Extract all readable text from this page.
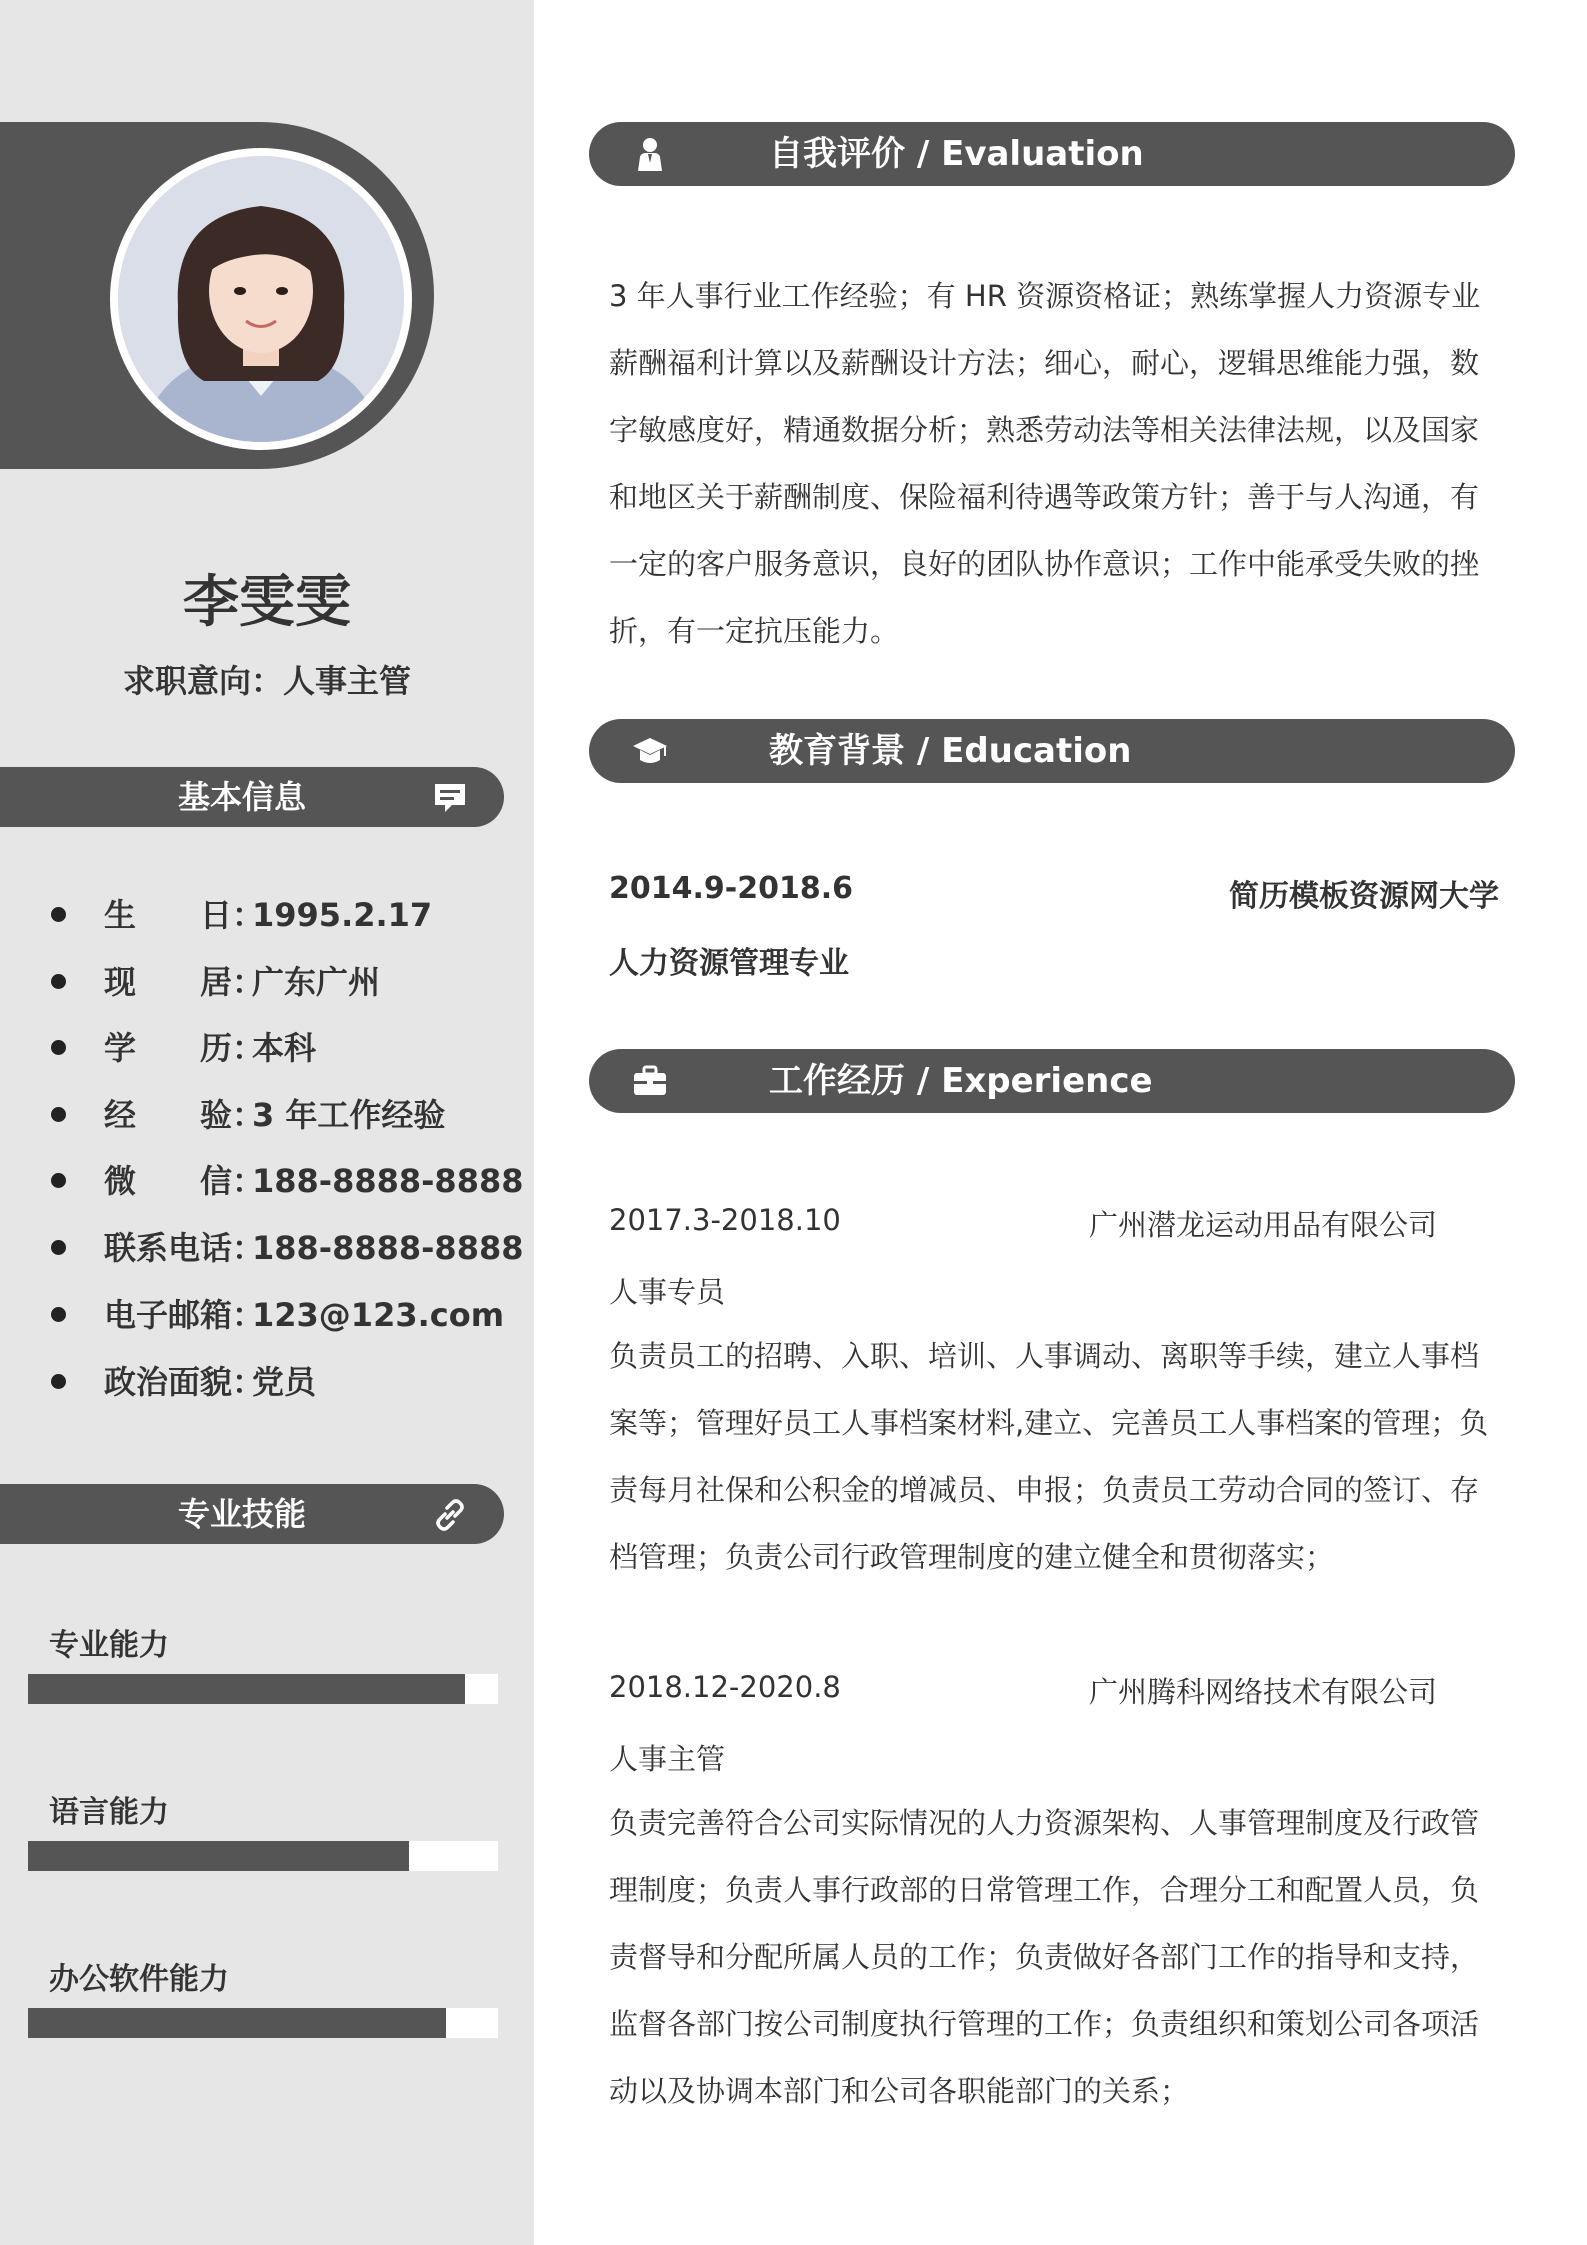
李雯雯
求职意向：人事主管
基本信息
生　　日：
1995.2.17
现　　居：
广东广州
学　　历：
本科
经　　验：
3 年工作经验
微　　信：
188-8888-8888
联系电话：
188-8888-8888
电子邮箱：
123@123.com
政治面貌：
党员
专业技能
专业能力
语言能力
办公软件能力
自我评价 / Evaluation
3 年人事行业工作经验；有 HR 资源资格证；熟练掌握人力资源专业
薪酬福利计算以及薪酬设计方法；细心，耐心，逻辑思维能力强，数
字敏感度好，精通数据分析；熟悉劳动法等相关法律法规，以及国家
和地区关于薪酬制度、保险福利待遇等政策方针；善于与人沟通，有
一定的客户服务意识，良好的团队协作意识；工作中能承受失败的挫
折，有一定抗压能力。
教育背景 / Education
2014.9-2018.6	简历模板资源网大学
人力资源管理专业
工作经历 / Experience
2017.3-2018.10	广州潜龙运动用品有限公司
人事专员
负责员工的招聘、入职、培训、人事调动、离职等手续，建立人事档
案等；管理好员工人事档案材料,建立、完善员工人事档案的管理；负
责每月社保和公积金的增减员、申报；负责员工劳动合同的签订、存
档管理；负责公司行政管理制度的建立健全和贯彻落实；
2018.12-2020.8	广州腾科网络技术有限公司
人事主管
负责完善符合公司实际情况的人力资源架构、人事管理制度及行政管
理制度；负责人事行政部的日常管理工作，合理分工和配置人员，负
责督导和分配所属人员的工作；负责做好各部门工作的指导和支持，
监督各部门按公司制度执行管理的工作；负责组织和策划公司各项活
动以及协调本部门和公司各职能部门的关系；
